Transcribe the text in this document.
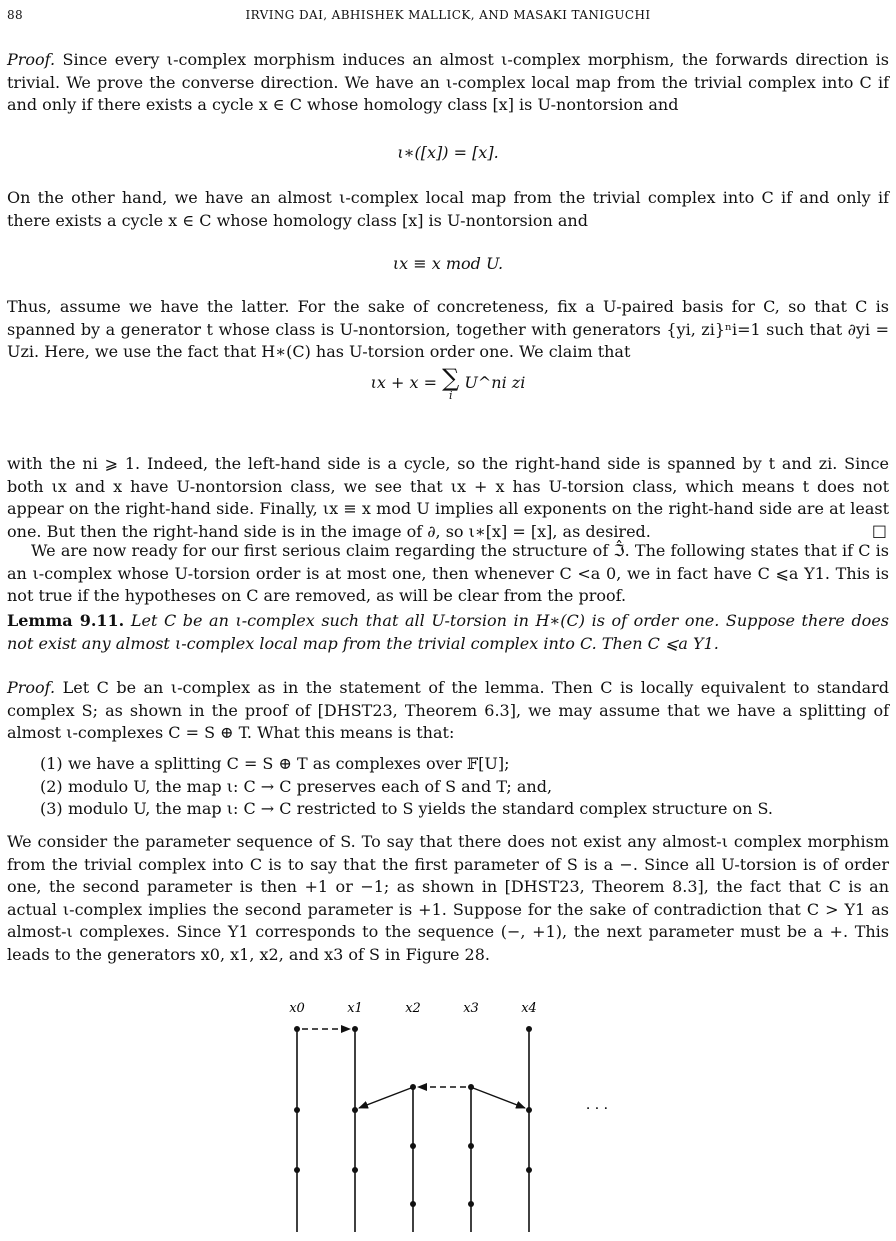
88	IRVING DAI, ABHISHEK MALLICK, AND MASAKI TANIGUCHI

Proof. Since every ι-complex morphism induces an almost ι-complex morphism, the forwards direction is trivial. We prove the converse direction. We have an ι-complex local map from the trivial complex into C if and only if there exists a cycle x ∈ C whose homology class [x] is U-nontorsion and

ι∗([x]) = [x].

On the other hand, we have an almost ι-complex local map from the trivial complex into C if and only if there exists a cycle x ∈ C whose homology class [x] is U-nontorsion and

ιx ≡ x mod U.

Thus, assume we have the latter. For the sake of concreteness, fix a U-paired basis for C, so that C is spanned by a generator t whose class is U-nontorsion, together with generators {yi, zi}ⁿi=1 such that ∂yi = Uzi. Here, we use the fact that H∗(C) has U-torsion order one. We claim that

ιx + x = ∑
i
U^ni zi

with the ni ⩾ 1. Indeed, the left-hand side is a cycle, so the right-hand side is spanned by t and zi. Since both ιx and x have U-nontorsion class, we see that ιx + x has U-torsion class, which means t does not appear on the right-hand side. Finally, ιx ≡ x mod U implies all exponents on the right-hand side are at least one. But then the right-hand side is in the image of ∂, so ι∗[x] = [x], as desired.	□

We are now ready for our first serious claim regarding the structure of ℑ̂. The following states that if C is an ι-complex whose U-torsion order is at most one, then whenever C <a 0, we in fact have C ⩽a Y1. This is not true if the hypotheses on C are removed, as will be clear from the proof.

Lemma 9.11. Let C be an ι-complex such that all U-torsion in H∗(C) is of order one. Suppose there does not exist any almost ι-complex local map from the trivial complex into C. Then C ⩽a Y1.

Proof. Let C be an ι-complex as in the statement of the lemma. Then C is locally equivalent to standard complex S; as shown in the proof of [DHST23, Theorem 6.3], we may assume that we have a splitting of almost ι-complexes C = S ⊕ T. What this means is that:

(1) we have a splitting C = S ⊕ T as complexes over 𝔽[U];
(2) modulo U, the map ι: C → C preserves each of S and T; and,
(3) modulo U, the map ι: C → C restricted to S yields the standard complex structure on S.

We consider the parameter sequence of S. To say that there does not exist any almost-ι complex morphism from the trivial complex into C is to say that the first parameter of S is a −. Since all U-torsion is of order one, the second parameter is then +1 or −1; as shown in [DHST23, Theorem 8.3], the fact that C is an actual ι-complex implies the second parameter is +1. Suppose for the sake of contradiction that C > Y1 as almost-ι complexes. Since Y1 corresponds to the sequence (−, +1), the next parameter must be a +. This leads to the generators x0, x1, x2, and x3 of S in Figure 28.

x0	x1	x2	x3	x4
· · ·
